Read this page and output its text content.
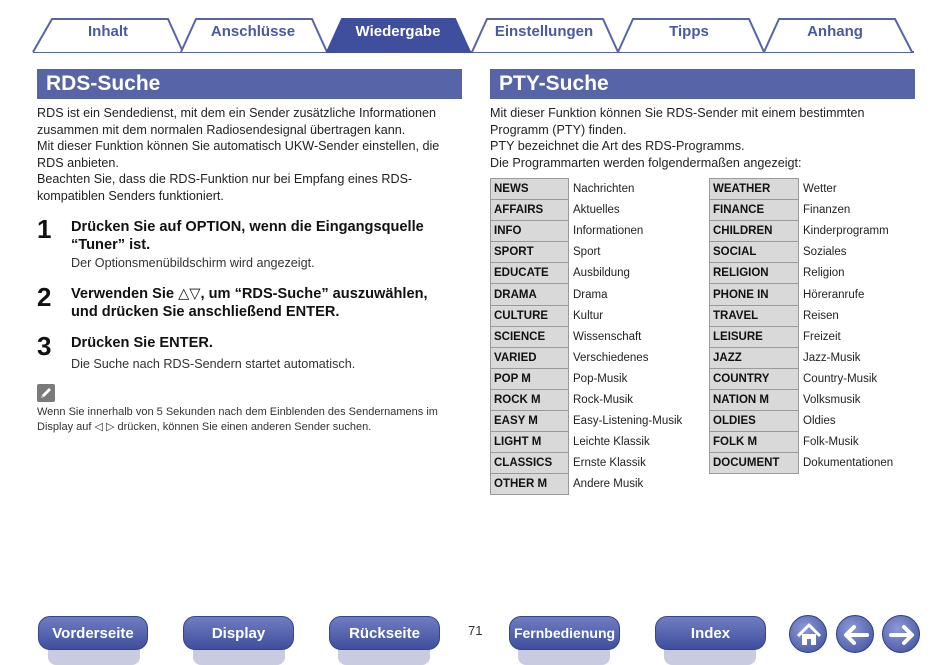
Inhalt	Anschlüsse	Wiedergabe	Einstellungen	Tipps	Anhang
RDS-Suche

RDS ist ein Sendedienst, mit dem ein Sender zusätzliche Informationen

zusammen mit dem normalen Radiosendesignal übertragen kann.

Mit dieser Funktion können Sie automatisch UKW-Sender einstellen, die

RDS anbieten.

Beachten Sie, dass die RDS-Funktion nur bei Empfang eines RDS-

kompatiblen Senders funktioniert.

1 Drücken Sie auf OPTION, wenn die Eingangsquelle
“Tuner” ist.
Der Optionsmenübildschirm wird angezeigt.
2 Verwenden Sie △▽, um “RDS-Suche” auszuwählen,
und drücken Sie anschließend ENTER.
3 Drücken Sie ENTER.
Die Suche nach RDS-Sendern startet automatisch.
Wenn Sie innerhalb von 5 Sekunden nach dem Einblenden des Sendernamens im
Display auf ◁ ▷ drücken, können Sie einen anderen Sender suchen.
PTY-Suche

Mit dieser Funktion können Sie RDS-Sender mit einem bestimmten

Programm (PTY) finden.

PTY bezeichnet die Art des RDS-Programms.

Die Programmarten werden folgendermaßen angezeigt:

NEWS	Nachrichten
AFFAIRS	Aktuelles
INFO	Informationen
SPORT	Sport
EDUCATE	Ausbildung
DRAMA	Drama
CULTURE	Kultur
SCIENCE	Wissenschaft
VARIED	Verschiedenes
POP M	Pop-Musik
ROCK M	Rock-Musik
EASY M	Easy-Listening-Musik
LIGHT M	Leichte Klassik
CLASSICS	Ernste Klassik
OTHER M	Andere Musik
WEATHER	Wetter
FINANCE	Finanzen
CHILDREN	Kinderprogramm
SOCIAL	Soziales
RELIGION	Religion
PHONE IN	Höreranrufe
TRAVEL	Reisen
LEISURE	Freizeit
JAZZ	Jazz-Musik
COUNTRY	Country-Musik
NATION M	Volksmusik
OLDIES	Oldies
FOLK M	Folk-Musik
DOCUMENT	Dokumentationen
Vorderseite	Display	Rückseite	71	Fernbedienung	Index
